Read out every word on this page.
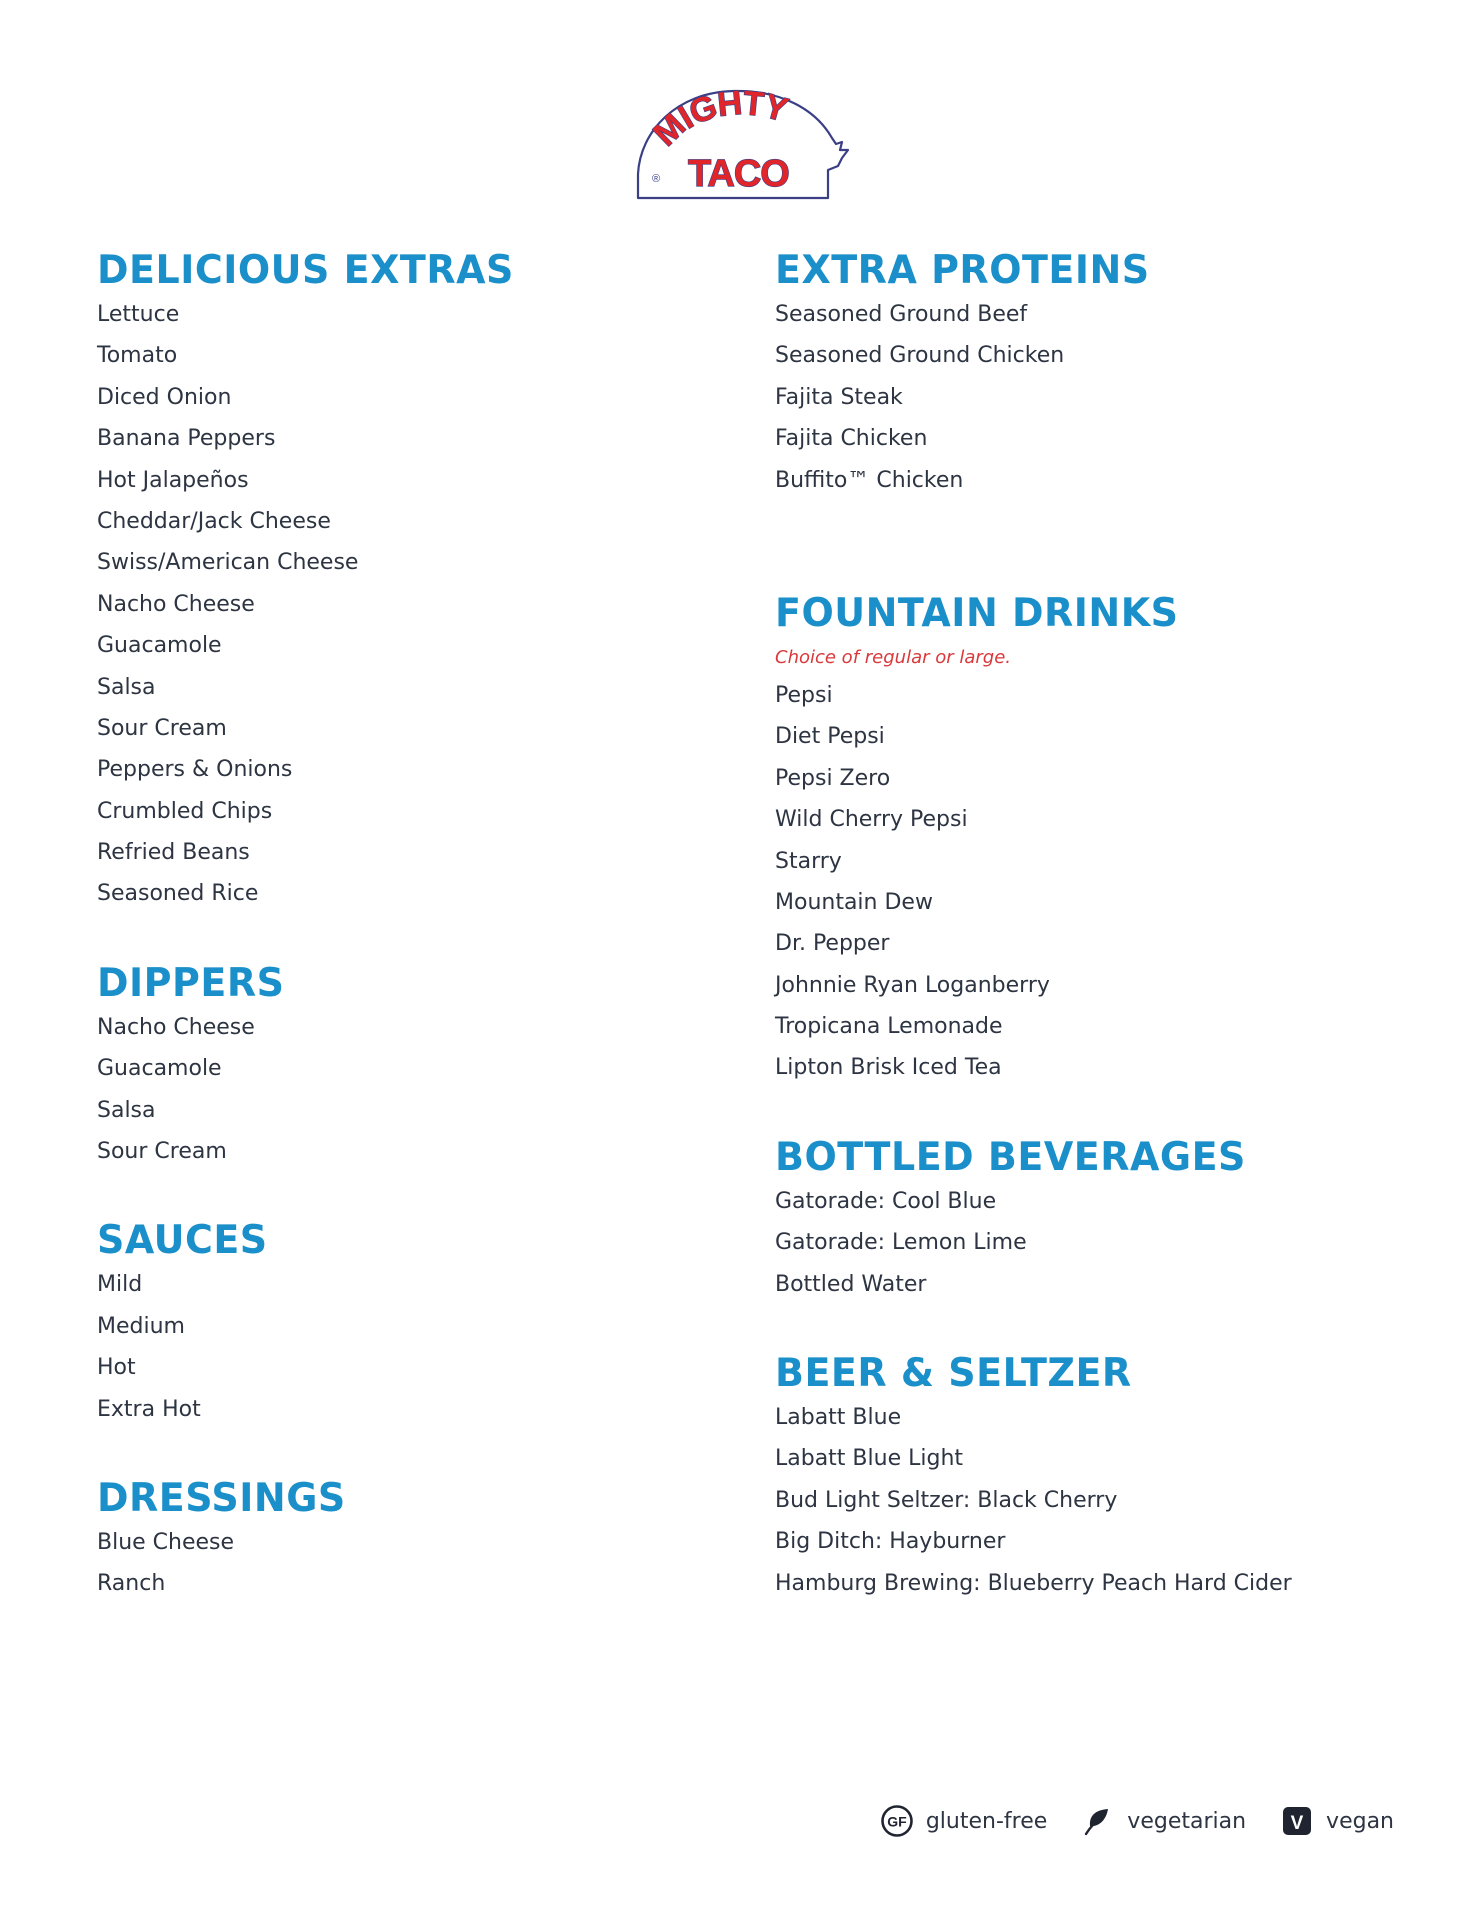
MIGHTY
TACO
®
DELICIOUS EXTRAS
Lettuce
Tomato
Diced Onion
Banana Peppers
Hot Jalapeños
Cheddar/Jack Cheese
Swiss/American Cheese
Nacho Cheese
Guacamole
Salsa
Sour Cream
Peppers & Onions
Crumbled Chips
Refried Beans
Seasoned Rice
DIPPERS
Nacho Cheese
Guacamole
Salsa
Sour Cream
SAUCES
Mild
Medium
Hot
Extra Hot
DRESSINGS
Blue Cheese
Ranch
EXTRA PROTEINS
Seasoned Ground Beef
Seasoned Ground Chicken
Fajita Steak
Fajita Chicken
Buffito™ Chicken
FOUNTAIN DRINKS

Choice of regular or large.

Pepsi
Diet Pepsi
Pepsi Zero
Wild Cherry Pepsi
Starry
Mountain Dew
Dr. Pepper
Johnnie Ryan Loganberry
Tropicana Lemonade
Lipton Brisk Iced Tea
BOTTLED BEVERAGES
Gatorade: Cool Blue
Gatorade: Lemon Lime
Bottled Water
BEER & SELTZER
Labatt Blue
Labatt Blue Light
Bud Light Seltzer: Black Cherry
Big Ditch: Hayburner
Hamburg Brewing: Blueberry Peach Hard Cider
GF gluten-free	vegetarian V vegan
